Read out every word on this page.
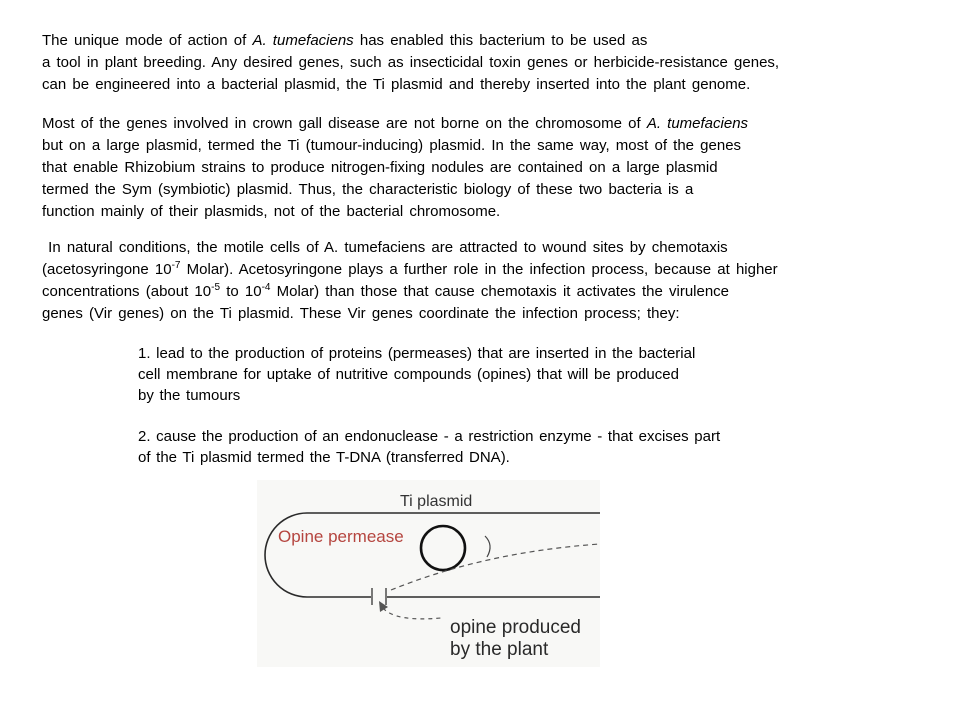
The unique mode of action of A. tumefaciens has enabled this bacterium to be used as
a tool in plant breeding. Any desired genes, such as insecticidal toxin genes or herbicide-resistance genes,
can be engineered into a bacterial plasmid, the Ti plasmid and thereby inserted into the plant genome.
Most of the genes involved in crown gall disease are not borne on the chromosome of A. tumefaciens
but on a large plasmid, termed the Ti (tumour-inducing) plasmid. In the same way, most of the genes
that enable Rhizobium strains to produce nitrogen-fixing nodules are contained on a large plasmid
termed the Sym (symbiotic) plasmid. Thus, the characteristic biology of these two bacteria is a
function mainly of their plasmids, not of the bacterial chromosome.
In natural conditions, the motile cells of A. tumefaciens are attracted to wound sites by chemotaxis
(acetosyringone $10^{-7}$ Molar). Acetosyringone plays a further role in the infection process, because at higher
concentrations (about $10^{-5}$ to $10^{-4}$ Molar) than those that cause chemotaxis it activates the virulence
genes (Vir genes) on the Ti plasmid. These Vir genes coordinate the infection process; they:
1. lead to the production of proteins (permeases) that are inserted in the bacterial
cell membrane for uptake of nutritive compounds (opines) that will be produced
by the tumours
2. cause the production of an endonuclease - a restriction enzyme - that excises part
of the Ti plasmid termed the T-DNA (transferred DNA).
Ti plasmid
Opine permease
opine produced
by the plant
